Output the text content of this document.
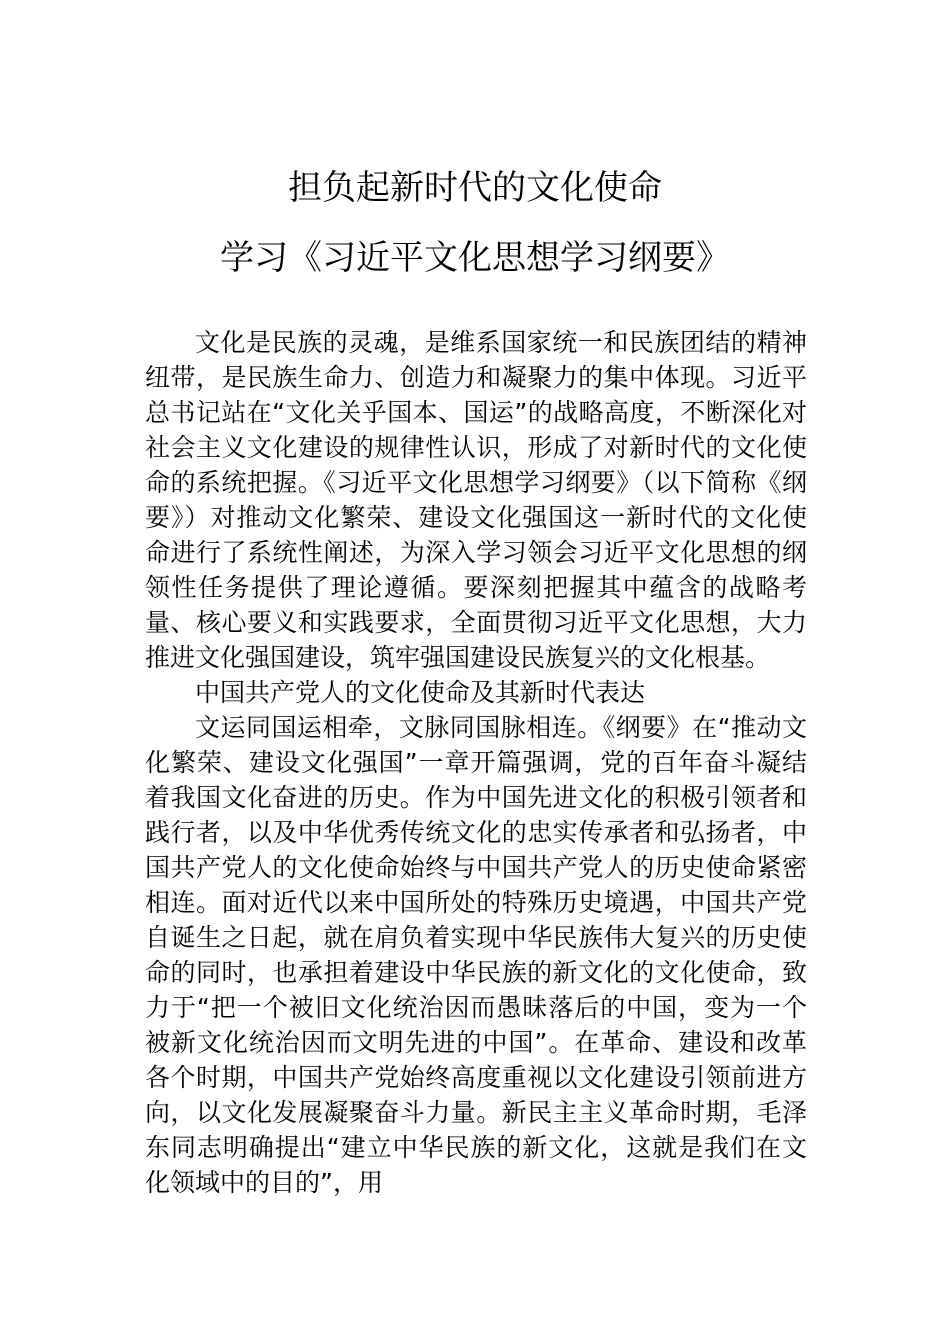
担负起新时代的文化使命
学习《习近平文化思想学习纲要》

文化是民族的灵魂，是维系国家统一和民族团结的精神纽带，是民族生命力、创造力和凝聚力的集中体现。习近平总书记站在“文化关乎国本、国运”的战略高度，不断深化对社会主义文化建设的规律性认识，形成了对新时代的文化使命的系统把握。《习近平文化思想学习纲要》（以下简称《纲要》）对推动文化繁荣、建设文化强国这一新时代的文化使命进行了系统性阐述，为深入学习领会习近平文化思想的纲领性任务提供了理论遵循。要深刻把握其中蕴含的战略考量、核心要义和实践要求，全面贯彻习近平文化思想，大力推进文化强国建设，筑牢强国建设民族复兴的文化根基。

中国共产党人的文化使命及其新时代表达

文运同国运相牵，文脉同国脉相连。《纲要》在“推动文化繁荣、建设文化强国”一章开篇强调，党的百年奋斗凝结着我国文化奋进的历史。作为中国先进文化的积极引领者和践行者，以及中华优秀传统文化的忠实传承者和弘扬者，中国共产党人的文化使命始终与中国共产党人的历史使命紧密相连。面对近代以来中国所处的特殊历史境遇，中国共产党自诞生之日起，就在肩负着实现中华民族伟大复兴的历史使命的同时，也承担着建设中华民族的新文化的文化使命，致力于“把一个被旧文化统治因而愚昧落后的中国，变为一个被新文化统治因而文明先进的中国”。在革命、建设和改革各个时期，中国共产党始终高度重视以文化建设引领前进方向，以文化发展凝聚奋斗力量。新民主主义革命时期，毛泽东同志明确提出“建立中华民族的新文化，这就是我们在文化领域中的目的”，用
